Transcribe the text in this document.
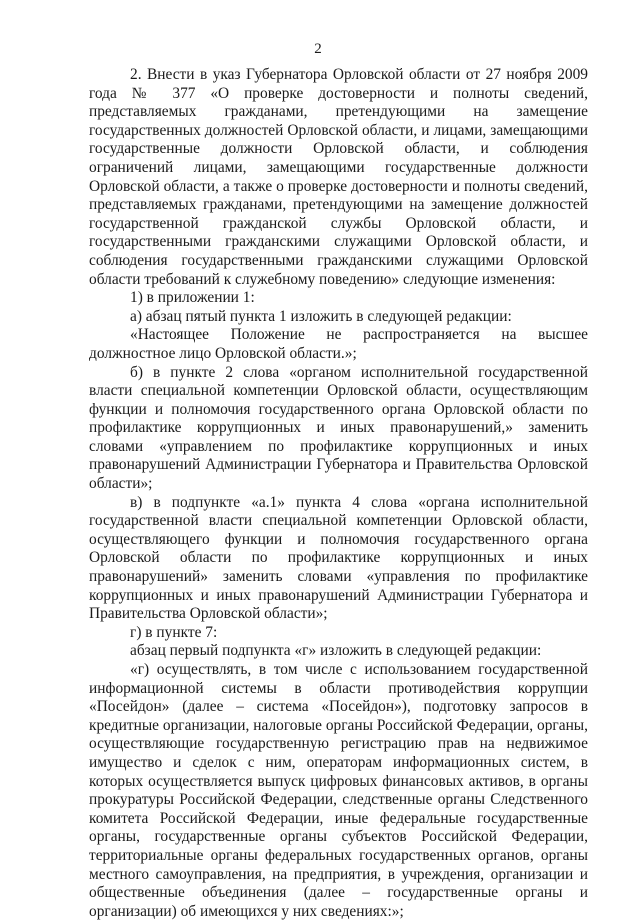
2

2. Внести в указ Губернатора Орловской области от 27 ноября 2009 года № 377 «О проверке достоверности и полноты сведений, представляемых гражданами, претендующими на замещение государственных должностей Орловской области, и лицами, замещающими государственные должности Орловской области, и соблюдения ограничений лицами, замещающими государственные должности Орловской области, а также о проверке достоверности и полноты сведений, представляемых гражданами, претендующими на замещение должностей государственной гражданской службы Орловской области, и государственными гражданскими служащими Орловской области, и соблюдения государственными гражданскими служащими Орловской области требований к служебному поведению» следующие изменения:

1) в приложении 1:

а) абзац пятый пункта 1 изложить в следующей редакции:

«Настоящее Положение не распространяется на высшее должностное лицо Орловской области.»;

б) в пункте 2 слова «органом исполнительной государственной власти специальной компетенции Орловской области, осуществляющим функции и полномочия государственного органа Орловской области по профилактике коррупционных и иных правонарушений,» заменить словами «управлением по профилактике коррупционных и иных правонарушений Администрации Губернатора и Правительства Орловской области»;

в) в подпункте «а.1» пункта 4 слова «органа исполнительной государственной власти специальной компетенции Орловской области, осуществляющего функции и полномочия государственного органа Орловской области по профилактике коррупционных и иных правонарушений» заменить словами «управления по профилактике коррупционных и иных правонарушений Администрации Губернатора и Правительства Орловской области»;

г) в пункте 7:

абзац первый подпункта «г» изложить в следующей редакции:

«г) осуществлять, в том числе с использованием государственной информационной системы в области противодействия коррупции «Посейдон» (далее – система «Посейдон»), подготовку запросов в кредитные организации, налоговые органы Российской Федерации, органы, осуществляющие государственную регистрацию прав на недвижимое имущество и сделок с ним, операторам информационных систем, в которых осуществляется выпуск цифровых финансовых активов, в органы прокуратуры Российской Федерации, следственные органы Следственного комитета Российской Федерации, иные федеральные государственные органы, государственные органы субъектов Российской Федерации, территориальные органы федеральных государственных органов, органы местного самоуправления, на предприятия, в учреждения, организации и общественные объединения (далее – государственные органы и организации) об имеющихся у них сведениях:»;
